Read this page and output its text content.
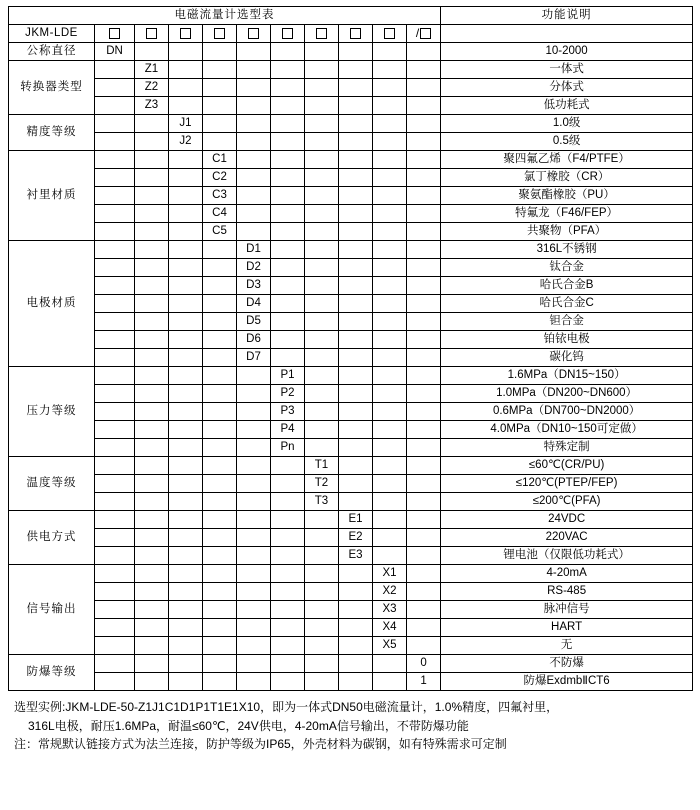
电磁流量计选型表											功能说明
JKM-LDE										/	
公称直径	DN										10-2000
转换器类型		Z1									一体式
		Z2									分体式
		Z3									低功耗式
精度等级			J1								1.0级
			J2								0.5级
衬里材质				C1							聚四氟乙烯（F4/PTFE）
				C2							氯丁橡胶（CR）
				C3							聚氨酯橡胶（PU）
				C4							特氟龙（F46/FEP）
				C5							共聚物（PFA）
电极材质					D1						316L不锈钢
					D2						钛合金
					D3						哈氏合金B
					D4						哈氏合金C
					D5						钽合金
					D6						铂铱电极
					D7						碳化钨
压力等级						P1					1.6MPa（DN15~150）
						P2					1.0MPa（DN200~DN600）
						P3					0.6MPa（DN700~DN2000）
						P4					4.0MPa（DN10~150可定做）
						Pn					特殊定制
温度等级							T1				≤60℃(CR/PU)
							T2				≤120℃(PTEP/FEP)
							T3				≤200℃(PFA)
供电方式								E1			24VDC
								E2			220VAC
								E3			锂电池（仅限低功耗式）
信号输出									X1		4-20mA
									X2		RS-485
									X3		脉冲信号
									X4		HART
									X5		无
防爆等级										0	不防爆
										1	防爆ExdmbⅡCT6
选型实例:JKM-LDE-50-Z1J1C1D1P1T1E1X10，即为一体式DN50电磁流量计，1.0%精度，四氟衬里，
316L电极，耐压1.6MPa，耐温≤60℃，24V供电，4-20mA信号输出，不带防爆功能
注：常规默认链接方式为法兰连接，防护等级为IP65，外壳材料为碳钢，如有特殊需求可定制
